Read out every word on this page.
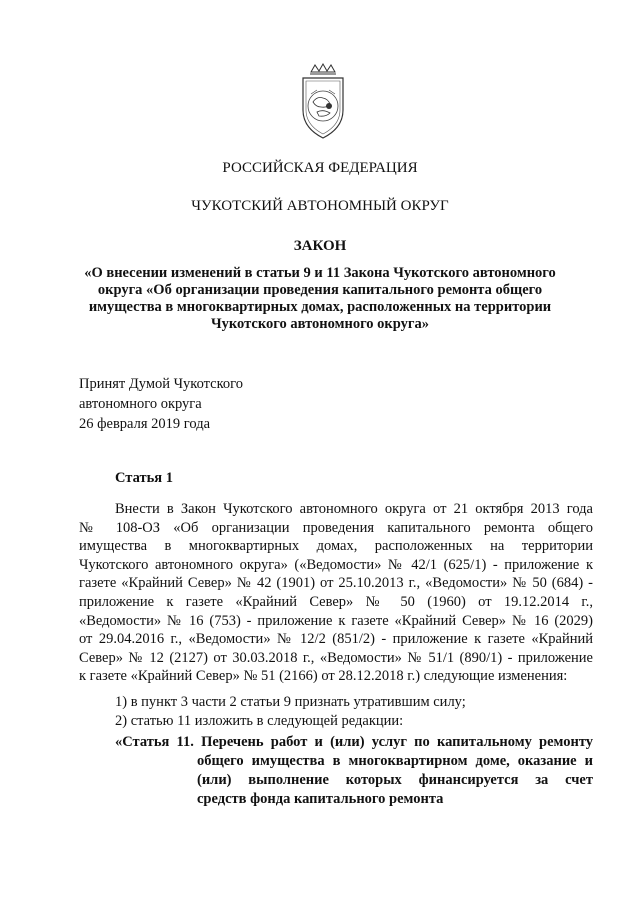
РОССИЙСКАЯ ФЕДЕРАЦИЯ
ЧУКОТСКИЙ АВТОНОМНЫЙ ОКРУГ
ЗАКОН
«О внесении изменений в статьи 9 и 11 Закона Чукотского автономного
округа «Об организации проведения капитального ремонта общего
имущества в многоквартирных домах, расположенных на территории
Чукотского автономного округа»
Принят Думой Чукотского
автономного округа
26 февраля 2019 года
Статья 1
Внести в Закон Чукотского автономного округа от 21 октября 2013 года
№ 108-ОЗ «Об организации проведения капитального ремонта общего
имущества в многоквартирных домах, расположенных на территории
Чукотского автономного округа» («Ведомости» № 42/1 (625/1) - приложение к
газете «Крайний Север» № 42 (1901) от 25.10.2013 г., «Ведомости» № 50 (684) -
приложение к газете «Крайний Север» № 50 (1960) от 19.12.2014 г.,
«Ведомости» № 16 (753) - приложение к газете «Крайний Север» № 16 (2029)
от 29.04.2016 г., «Ведомости» № 12/2 (851/2) - приложение к газете «Крайний
Север» № 12 (2127) от 30.03.2018 г., «Ведомости» № 51/1 (890/1) - приложение
к газете «Крайний Север» № 51 (2166) от 28.12.2018 г.) следующие изменения:
1) в пункт 3 части 2 статьи 9 признать утратившим силу;
2) статью 11 изложить в следующей редакции:
«Статья 11. Перечень работ и (или) услуг по капитальному ремонту
общего имущества в многоквартирном доме, оказание и
(или) выполнение которых финансируется за счет
средств фонда капитального ремонта
